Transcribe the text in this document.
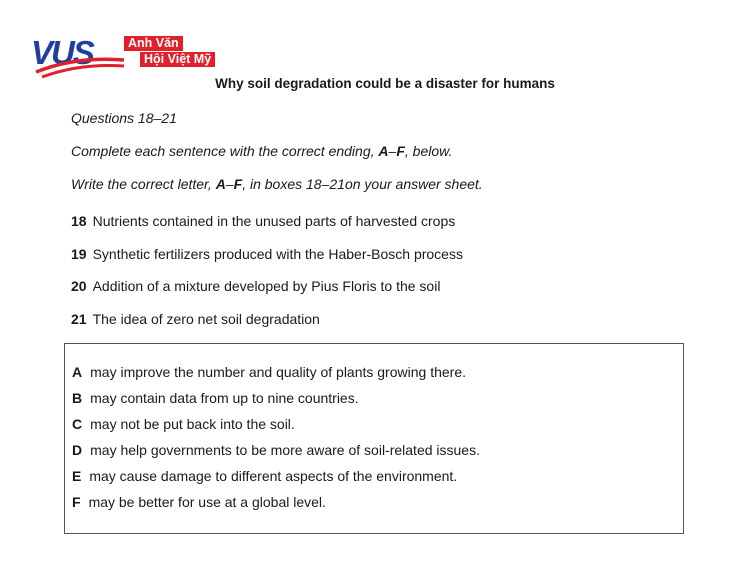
VUS	Anh Văn
Hội Việt Mỹ
Why soil degradation could be a disaster for humans

Questions 18–21

Complete each sentence with the correct ending, A–F, below.

Write the correct letter, A–F, in boxes 18–21on your answer sheet.

18 Nutrients contained in the unused parts of harvested crops

19 Synthetic fertilizers produced with the Haber-Bosch process

20 Addition of a mixture developed by Pius Floris to the soil

21 The idea of zero net soil degradation

A may improve the number and quality of plants growing there.
B may contain data from up to nine countries.
C may not be put back into the soil.
D may help governments to be more aware of soil-related issues.
E may cause damage to different aspects of the environment.
F may be better for use at a global level.
